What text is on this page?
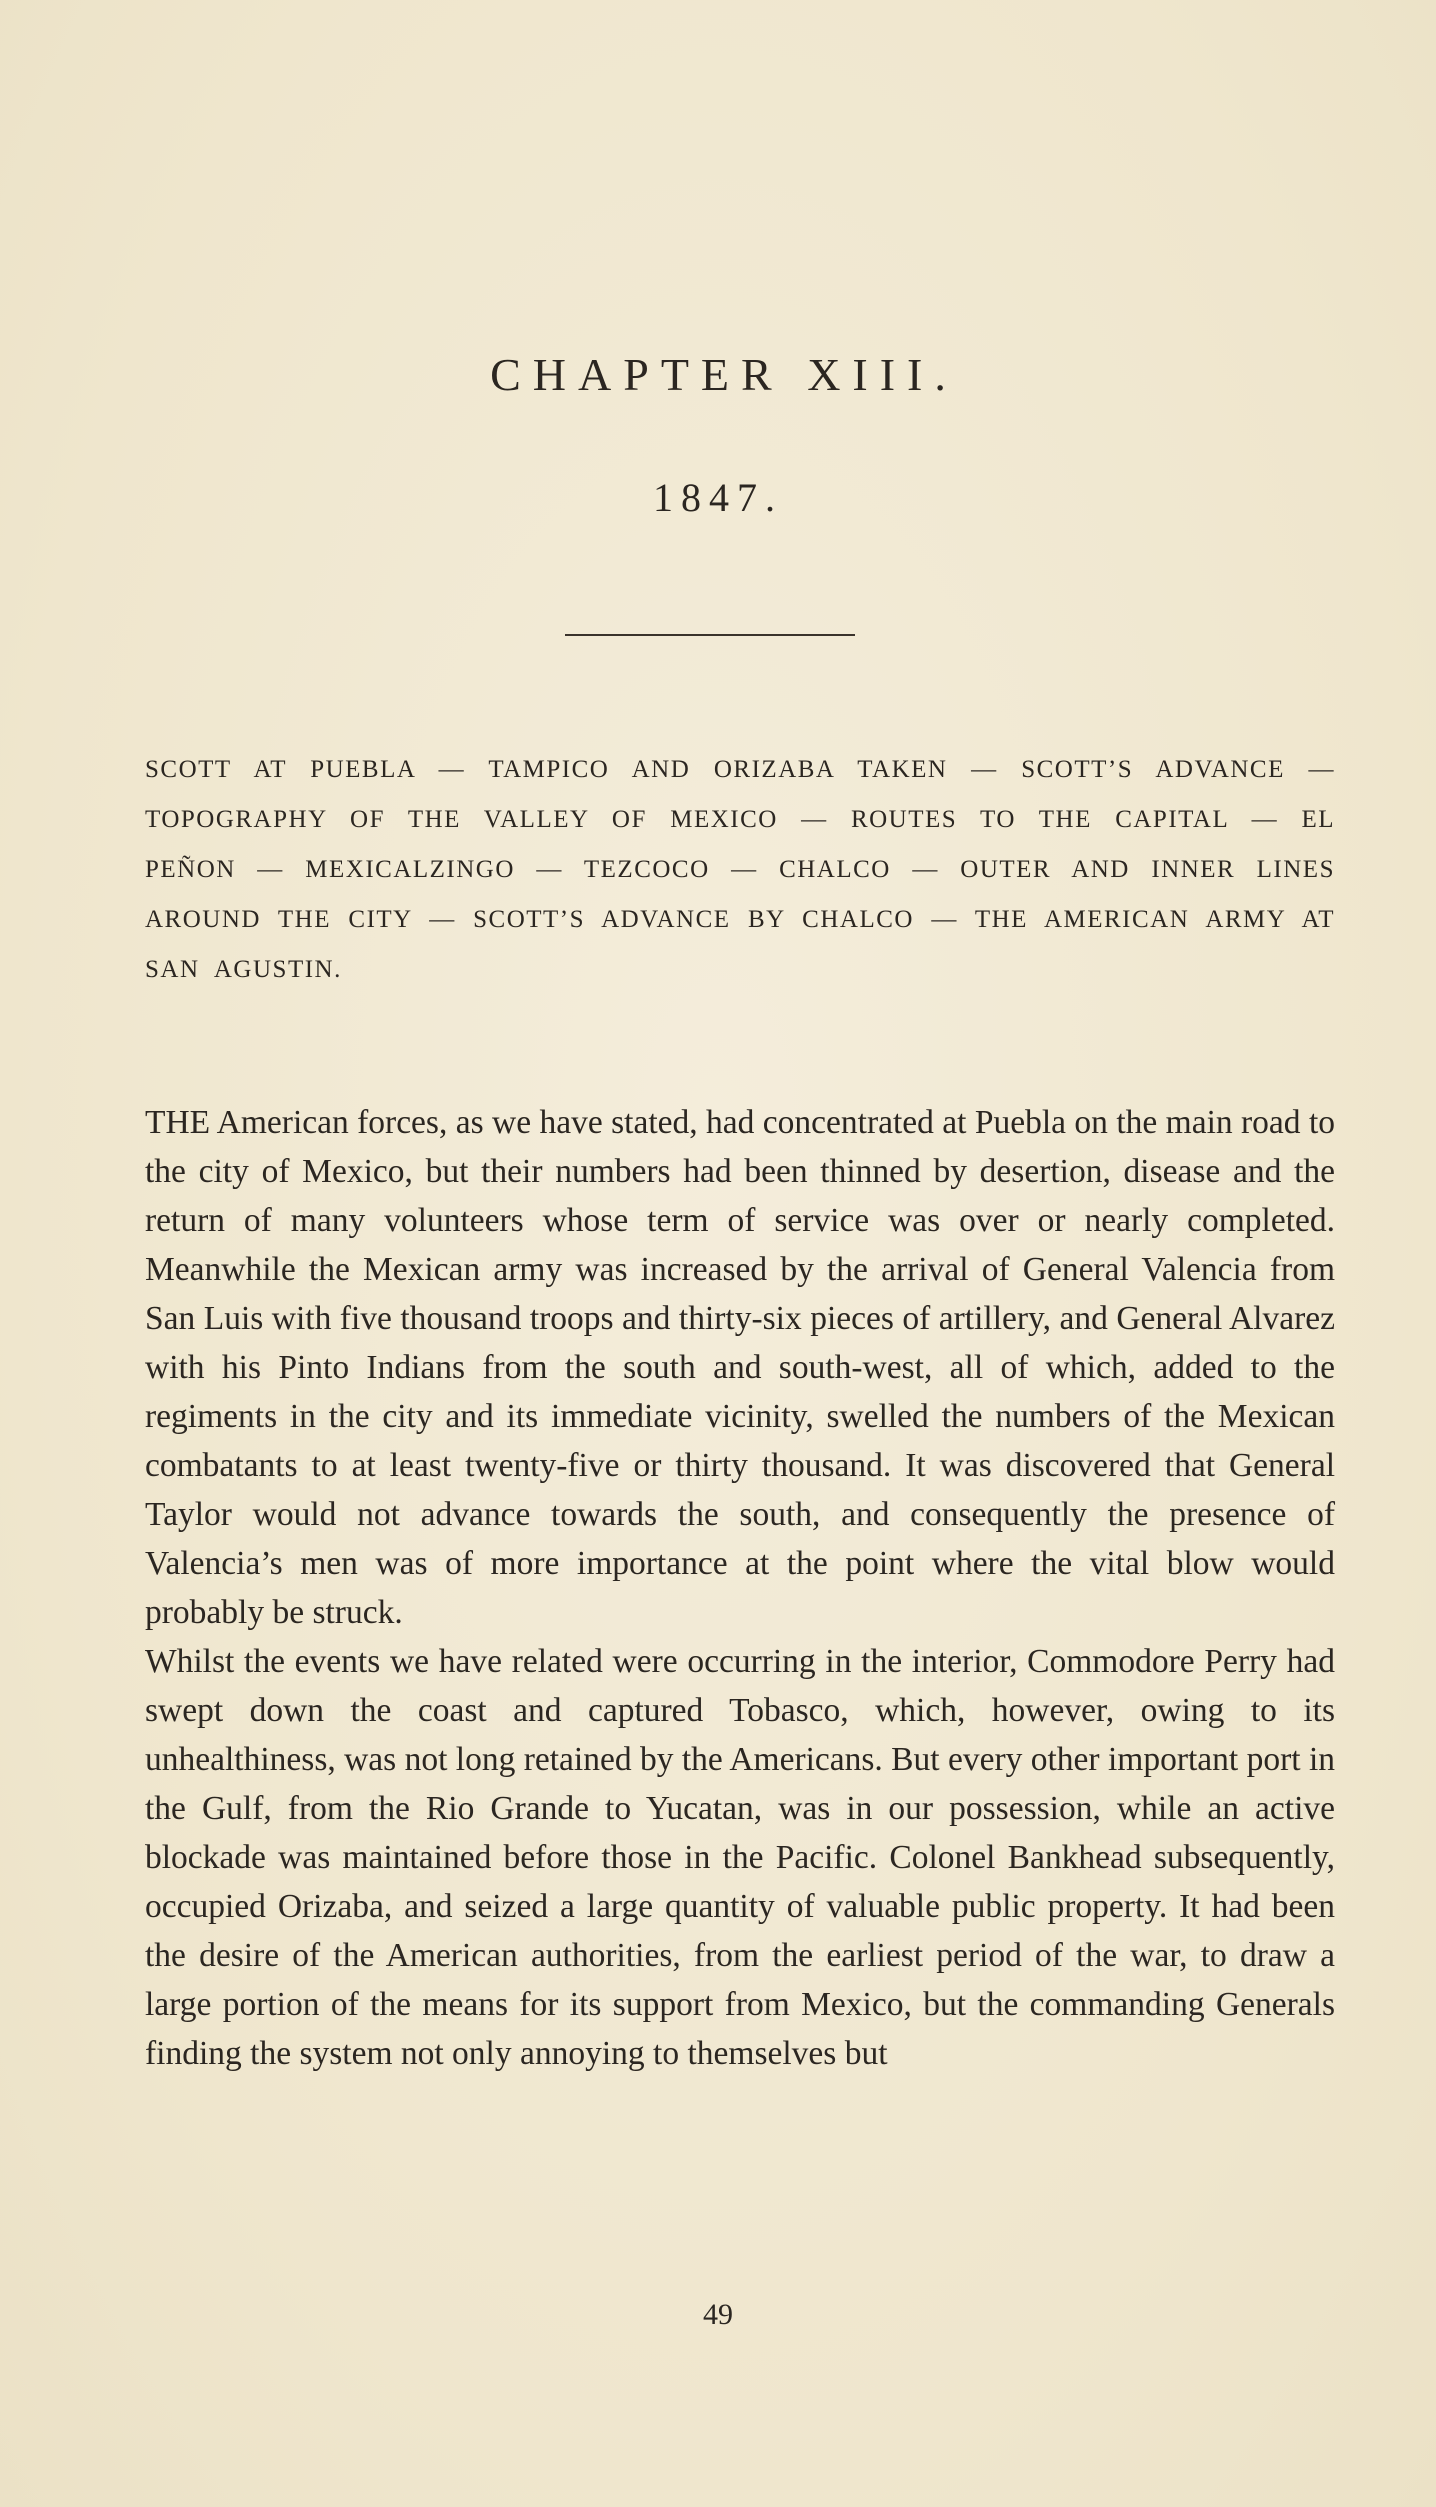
CHAPTER XIII.
1847.
SCOTT AT PUEBLA — TAMPICO AND ORIZABA TAKEN — SCOTT’S ADVANCE — TOPOGRAPHY OF THE VALLEY OF MEXICO — ROUTES TO THE CAPITAL — EL PEÑON — MEXICALZINGO — TEZCOCO — CHALCO — OUTER AND INNER LINES AROUND THE CITY — SCOTT’S ADVANCE BY CHALCO — THE AMERICAN ARMY AT SAN AGUSTIN.

THE American forces, as we have stated, had concentrated at Puebla on the main road to the city of Mexico, but their numbers had been thinned by desertion, disease and the return of many volunteers whose term of service was over or nearly completed. Meanwhile the Mexican army was increased by the arrival of General Valencia from San Luis with five thousand troops and thirty-six pieces of artillery, and General Alvarez with his Pinto Indians from the south and south-west, all of which, added to the regiments in the city and its immediate vicinity, swelled the numbers of the Mexican combatants to at least twenty-five or thirty thousand. It was discovered that General Taylor would not advance towards the south, and consequently the presence of Valencia’s men was of more importance at the point where the vital blow would probably be struck.

Whilst the events we have related were occurring in the interior, Commodore Perry had swept down the coast and captured Tobasco, which, however, owing to its unhealthiness, was not long retained by the Americans. But every other important port in the Gulf, from the Rio Grande to Yucatan, was in our possession, while an active blockade was maintained before those in the Pacific. Colonel Bankhead subsequently, occupied Orizaba, and seized a large quantity of valuable public property. It had been the desire of the American authorities, from the earliest period of the war, to draw a large portion of the means for its support from Mexico, but the commanding Generals finding the system not only annoying to themselves but

49
